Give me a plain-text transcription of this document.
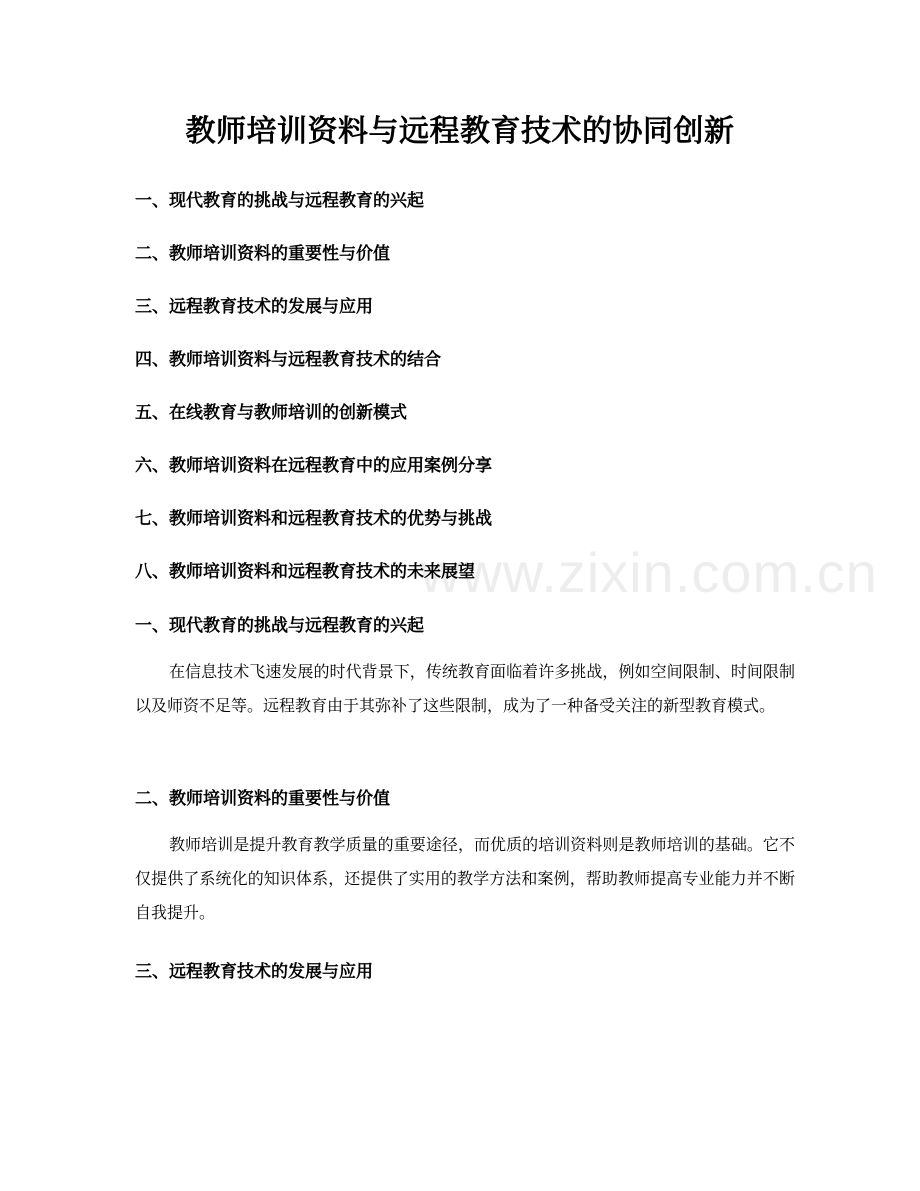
教师培训资料与远程教育技术的协同创新
一、现代教育的挑战与远程教育的兴起
二、教师培训资料的重要性与价值
三、远程教育技术的发展与应用
四、教师培训资料与远程教育技术的结合
五、在线教育与教师培训的创新模式
六、教师培训资料在远程教育中的应用案例分享
七、教师培训资料和远程教育技术的优势与挑战
八、教师培训资料和远程教育技术的未来展望
一、现代教育的挑战与远程教育的兴起

在信息技术飞速发展的时代背景下，传统教育面临着许多挑战，例如空间限制、时间限制以及师资不足等。远程教育由于其弥补了这些限制，成为了一种备受关注的新型教育模式。

二、教师培训资料的重要性与价值

教师培训是提升教育教学质量的重要途径，而优质的培训资料则是教师培训的基础。它不仅提供了系统化的知识体系，还提供了实用的教学方法和案例，帮助教师提高专业能力并不断自我提升。

三、远程教育技术的发展与应用
www.zixin.com.cn
